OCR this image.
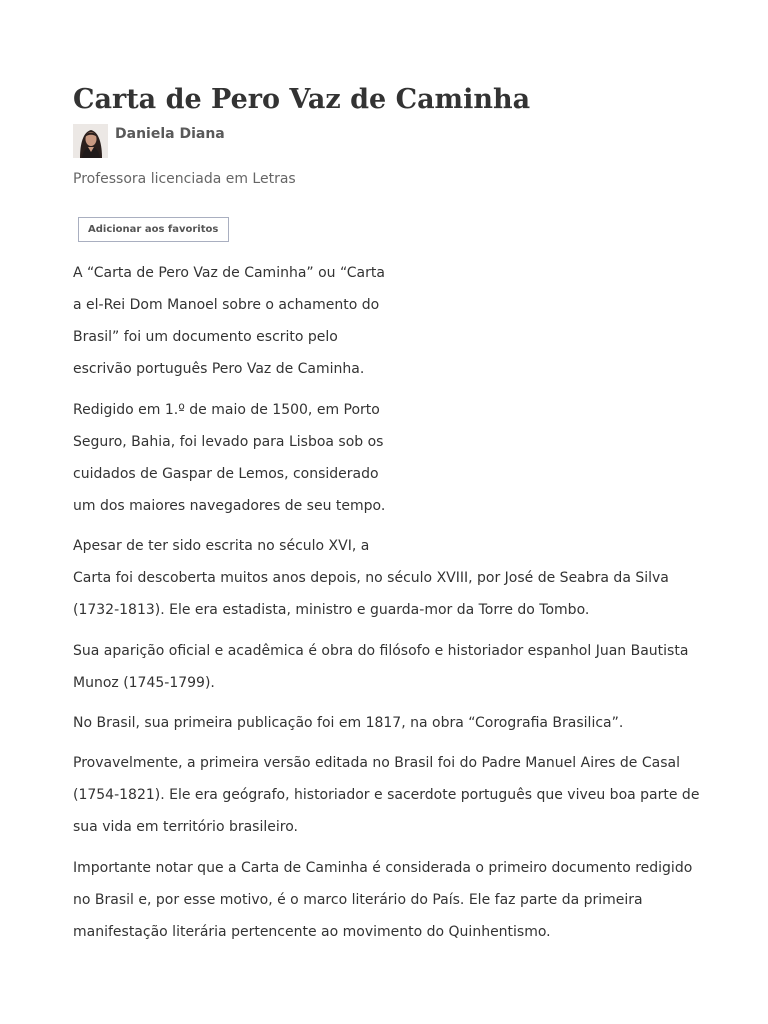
Carta de Pero Vaz de Caminha
Daniela Diana
Professora licenciada em Letras
Adicionar aos favoritos
A “Carta de Pero Vaz de Caminha” ou “Carta
a el-Rei Dom Manoel sobre o achamento do
Brasil” foi um documento escrito pelo
escrivão português Pero Vaz de Caminha.
Redigido em 1.º de maio de 1500, em Porto
Seguro, Bahia, foi levado para Lisboa sob os
cuidados de Gaspar de Lemos, considerado
um dos maiores navegadores de seu tempo.
Apesar de ter sido escrita no século XVI, a
Carta foi descoberta muitos anos depois, no século XVIII, por José de Seabra da Silva
(1732-1813). Ele era estadista, ministro e guarda-mor da Torre do Tombo.
Sua aparição oficial e acadêmica é obra do filósofo e historiador espanhol Juan Bautista
Munoz (1745-1799).
No Brasil, sua primeira publicação foi em 1817, na obra “Corografia Brasilica”.
Provavelmente, a primeira versão editada no Brasil foi do Padre Manuel Aires de Casal
(1754-1821). Ele era geógrafo, historiador e sacerdote português que viveu boa parte de
sua vida em território brasileiro.
Importante notar que a Carta de Caminha é considerada o primeiro documento redigido
no Brasil e, por esse motivo, é o marco literário do País. Ele faz parte da primeira
manifestação literária pertencente ao movimento do Quinhentismo.
